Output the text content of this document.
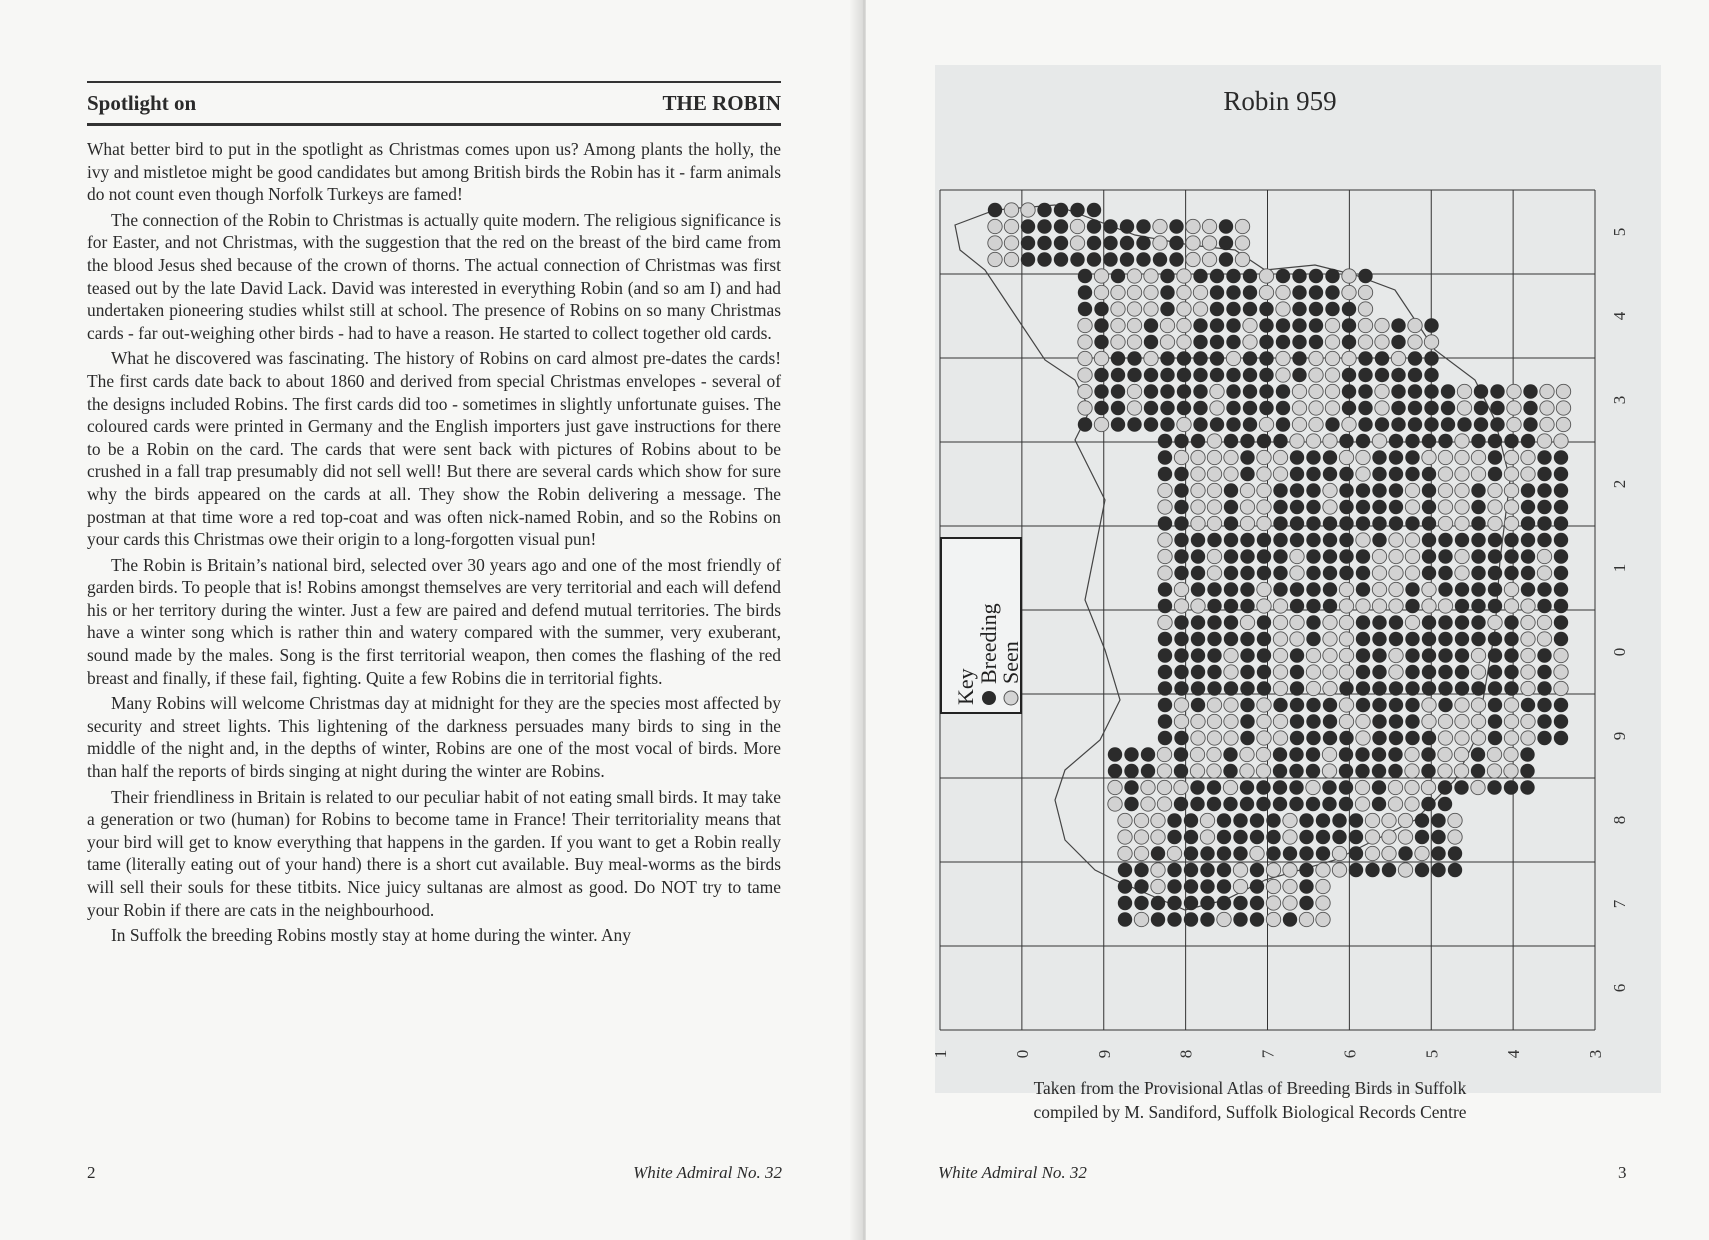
Spotlight on	THE ROBIN

What better bird to put in the spotlight as Christmas comes upon us? Among plants the holly, the ivy and mistletoe might be good candidates but among British birds the Robin has it - farm animals do not count even though Norfolk Turkeys are famed!

The connection of the Robin to Christmas is actually quite modern. The religious significance is for Easter, and not Christmas, with the suggestion that the red on the breast of the bird came from the blood Jesus shed because of the crown of thorns. The actual connection of Christmas was first teased out by the late David Lack. David was interested in everything Robin (and so am I) and had undertaken pioneering studies whilst still at school. The presence of Robins on so many Christmas cards - far out-weighing other birds - had to have a reason. He started to collect together old cards.

What he discovered was fascinating. The history of Robins on card almost pre-dates the cards! The first cards date back to about 1860 and derived from special Christmas envelopes - several of the designs included Robins. The first cards did too - sometimes in slightly unfortunate guises. The coloured cards were printed in Germany and the English importers just gave instructions for there to be a Robin on the card. The cards that were sent back with pictures of Robins about to be crushed in a fall trap presumably did not sell well! But there are several cards which show for sure why the birds appeared on the cards at all. They show the Robin delivering a message. The postman at that time wore a red top-coat and was often nick-named Robin, and so the Robins on your cards this Christmas owe their origin to a long-forgotten visual pun!

The Robin is Britain’s national bird, selected over 30 years ago and one of the most friendly of garden birds. To people that is! Robins amongst themselves are very territorial and each will defend his or her territory during the winter. Just a few are paired and defend mutual territories. The birds have a winter song which is rather thin and watery compared with the summer, very exuberant, sound made by the males. Song is the first territorial weapon, then comes the flashing of the red breast and finally, if these fail, fighting. Quite a few Robins die in territorial fights.

Many Robins will welcome Christmas day at midnight for they are the species most affected by security and street lights. This lightening of the darkness persuades many birds to sing in the middle of the night and, in the depths of winter, Robins are one of the most vocal of birds. More than half the reports of birds singing at night during the winter are Robins.

Their friendliness in Britain is related to our peculiar habit of not eating small birds. It may take a generation or two (human) for Robins to become tame in France! Their territoriality means that your bird will get to know everything that happens in the garden. If you want to get a Robin really tame (literally eating out of your hand) there is a short cut available. Buy meal-worms as the birds will sell their souls for these titbits. Nice juicy sultanas are almost as good. Do NOT try to tame your Robin if there are cats in the neighbourhood.

In Suffolk the breeding Robins mostly stay at home during the winter. Any

2	White Admiral No. 32
Robin 959
Key
Breeding
Seen
1	0	9	8	7	6	5	4	3
5
4
3
2
1
0
9
8
7
6
Taken from the Provisional Atlas of Breeding Birds in Suffolk
compiled by M. Sandiford, Suffolk Biological Records Centre
White Admiral No. 32	3
